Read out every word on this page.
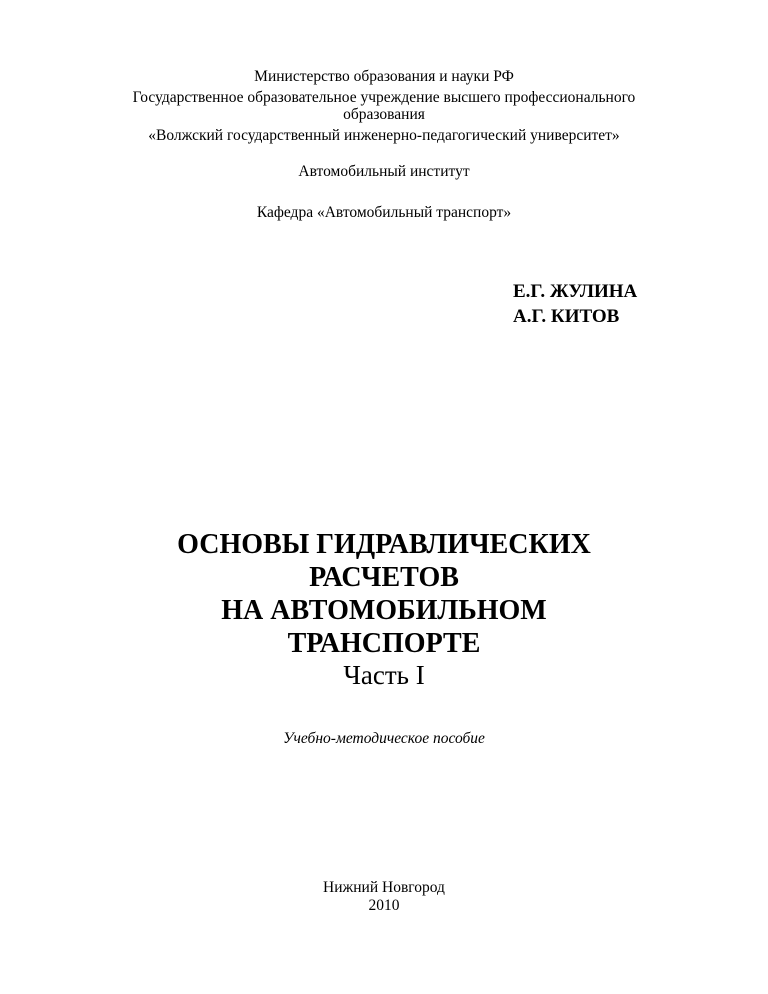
Министерство образования и науки РФ
Государственное образовательное учреждение высшего профессионального
образования
«Волжский государственный инженерно-педагогический университет»
Автомобильный институт
Кафедра «Автомобильный транспорт»
Е.Г. ЖУЛИНА
А.Г. КИТОВ
ОСНОВЫ ГИДРАВЛИЧЕСКИХ
РАСЧЕТОВ
НА АВТОМОБИЛЬНОМ
ТРАНСПОРТЕ
Часть I
Учебно-методическое пособие
Нижний Новгород
2010
